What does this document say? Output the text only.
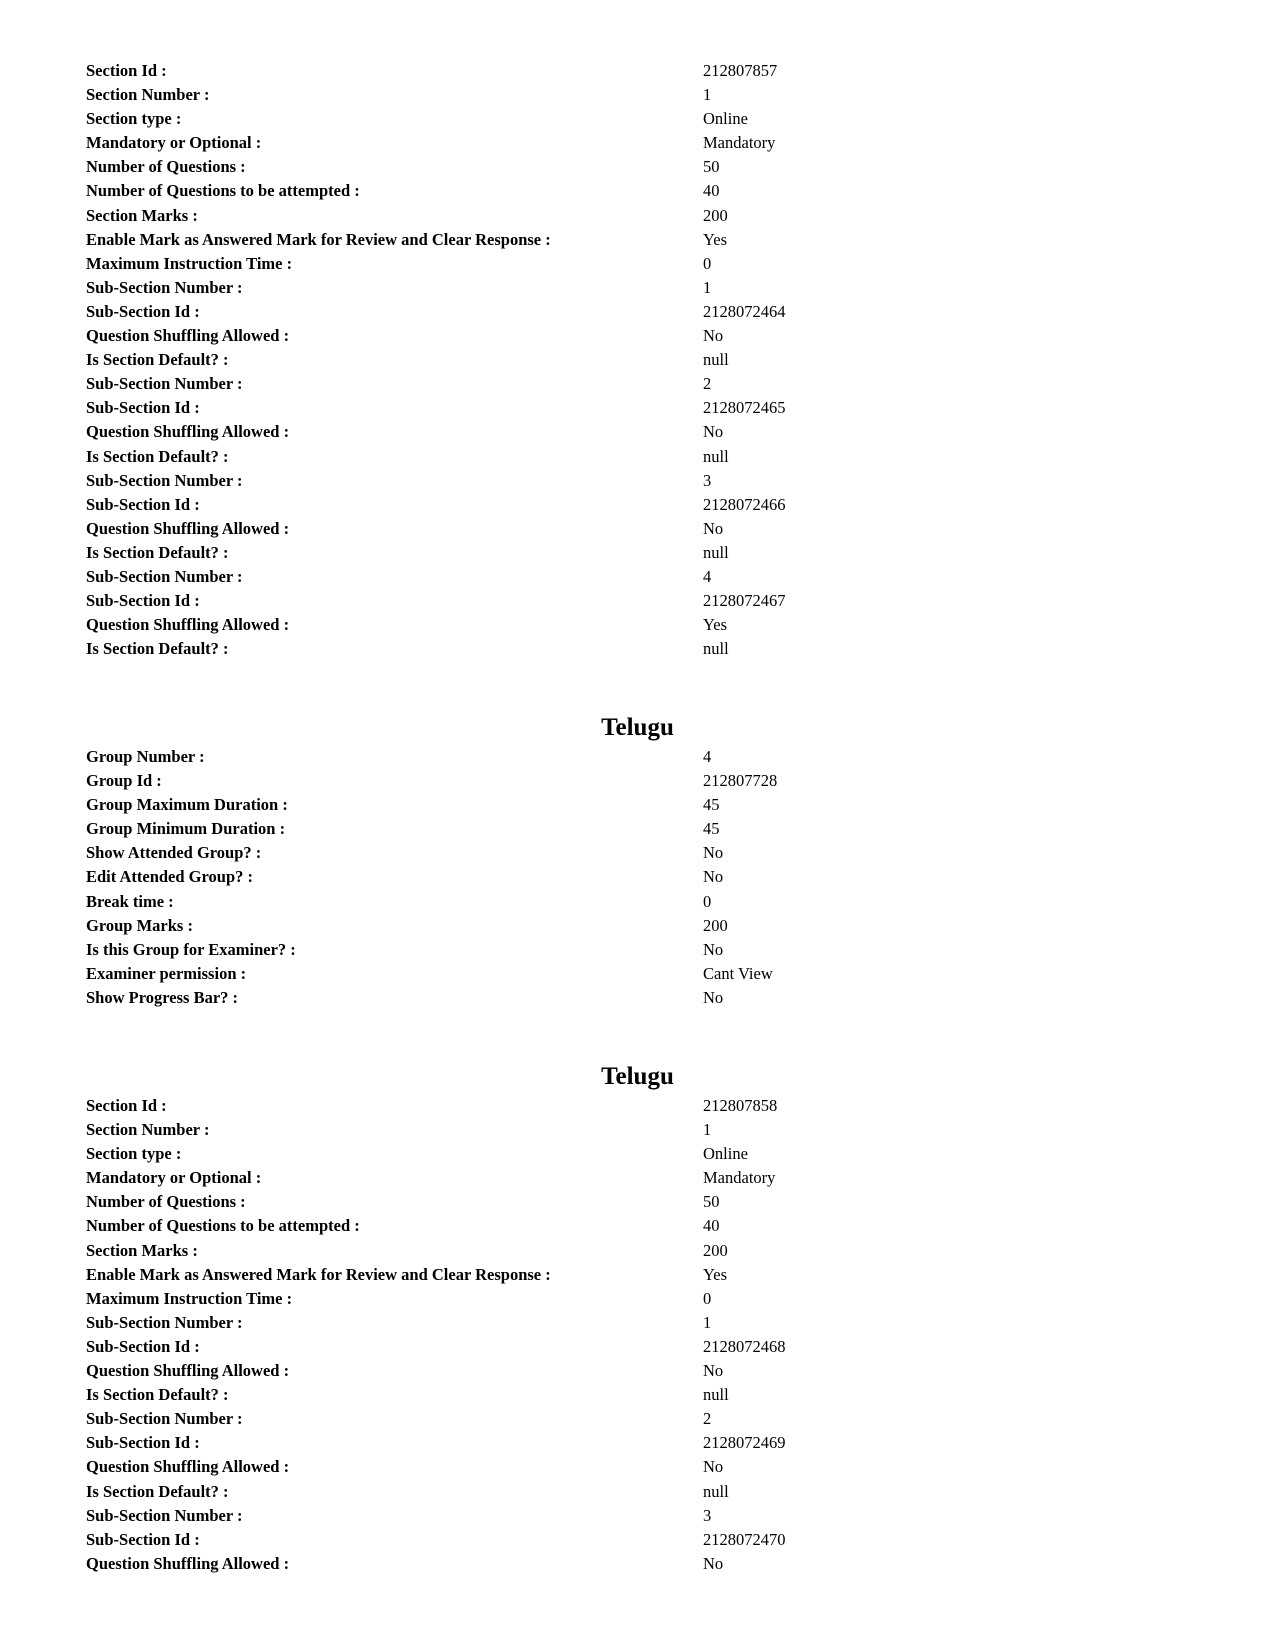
Section Id :	212807857
Section Number :	1
Section type :	Online
Mandatory or Optional :	Mandatory
Number of Questions :	50
Number of Questions to be attempted :	40
Section Marks :	200
Enable Mark as Answered Mark for Review and Clear Response :	Yes
Maximum Instruction Time :	0
Sub-Section Number :	1
Sub-Section Id :	2128072464
Question Shuffling Allowed :	No
Is Section Default? :	null
Sub-Section Number :	2
Sub-Section Id :	2128072465
Question Shuffling Allowed :	No
Is Section Default? :	null
Sub-Section Number :	3
Sub-Section Id :	2128072466
Question Shuffling Allowed :	No
Is Section Default? :	null
Sub-Section Number :	4
Sub-Section Id :	2128072467
Question Shuffling Allowed :	Yes
Is Section Default? :	null
Telugu
Group Number :	4
Group Id :	212807728
Group Maximum Duration :	45
Group Minimum Duration :	45
Show Attended Group? :	No
Edit Attended Group? :	No
Break time :	0
Group Marks :	200
Is this Group for Examiner? :	No
Examiner permission :	Cant View
Show Progress Bar? :	No
Telugu
Section Id :	212807858
Section Number :	1
Section type :	Online
Mandatory or Optional :	Mandatory
Number of Questions :	50
Number of Questions to be attempted :	40
Section Marks :	200
Enable Mark as Answered Mark for Review and Clear Response :	Yes
Maximum Instruction Time :	0
Sub-Section Number :	1
Sub-Section Id :	2128072468
Question Shuffling Allowed :	No
Is Section Default? :	null
Sub-Section Number :	2
Sub-Section Id :	2128072469
Question Shuffling Allowed :	No
Is Section Default? :	null
Sub-Section Number :	3
Sub-Section Id :	2128072470
Question Shuffling Allowed :	No
